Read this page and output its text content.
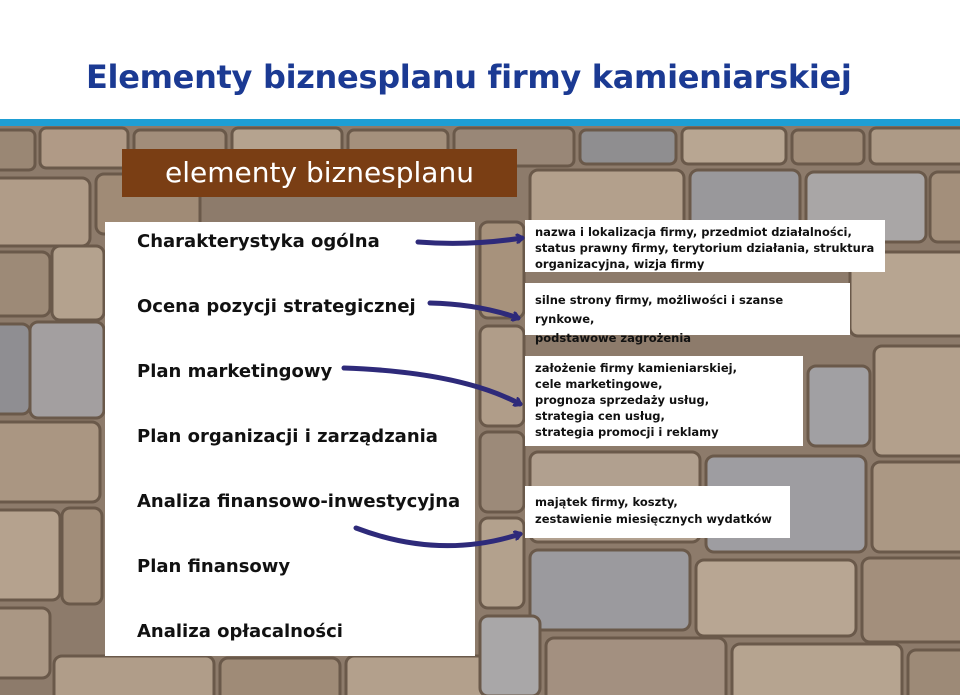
Elementy biznesplanu firmy kamieniarskiej
elementy biznesplanu
Charakterystyka ogólna
Ocena pozycji strategicznej
Plan marketingowy
Plan organizacji i zarządzania
Analiza finansowo-inwestycyjna
Plan finansowy
Analiza opłacalności
nazwa i lokalizacja firmy, przedmiot działalności,
status prawny firmy, terytorium działania, struktura
organizacyjna, wizja firmy
silne strony firmy, możliwości i szanse rynkowe,
podstawowe zagrożenia
założenie firmy kamieniarskiej,
cele marketingowe,
prognoza sprzedaży usług,
strategia cen usług,
strategia promocji i reklamy
majątek firmy, koszty,
zestawienie miesięcznych wydatków
